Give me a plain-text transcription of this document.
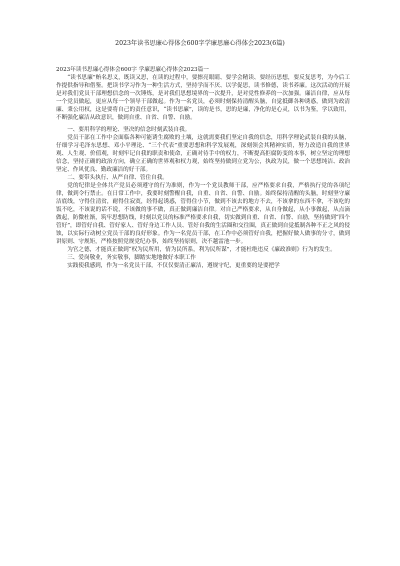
2023年读书思廉心得体会600字学廉思廉心得体会2023(6篇)
2023年读书思廉心得体会600字 学廉思廉心得体会2023篇一

“读书思廉”贿名思义，既读又思，在读的过程中，要擦亮眼睛、要学会精读、要经历思想，要反复思考，为今后工作提供指导和借鉴。把读书学习作为一种生活方式，坚持学而不厌、以学促思，读书修德，读书养廉。这次活动的开展是对我们党员干部理想信念的一次锤炼，是对我们思想境界的一次提升，是对党性修养的一次加强。廉洁自律，应从每一个党员做起，更应从每一个领导干部做起。作为一名党员，必须时刻保持清醒头脑，自觉抵御各种诱惑，做到为政清廉、秉公用权，这是要将自己的责任意识，“读书思廉”，读的是书，思的是廉，净化的是心灵，以书为鉴，学以致用，不断强化廉洁从政意识，做到自重、自省、自警、自励。

一、要用科学的理论、坚决的信念时刻武装自我。

党员干部在工作中会面临各种可能诱生腐败的土壤，这就需要我们坚定自我的信念，用科学理论武装自我的头脑，仔细学习毛泽东思想、邓小平理论、“三个代表”重要思想和科学发展观，深刻领会其精神实质，努力改造自我的世界观、人生观、价值观，时刻牢记自我的职责和使命，正确对待手中的权力，不断提高拒腐防变的本事，树立坚定的理想信念，坚持正确的政治方向，确立正确的世界观和权力观，始终坚持做到立党为公，执政为民，做一个思想纯洁、政治坚定、作风优良、勤政廉洁的好干部。

二、要带头执行、从严自律、管住自我。

党的纪律是全体共产党员必须遵守的行为准则，作为一个党员教师干部，应严格要求自我，严格执行党的各项纪律，做到令行禁止。在日常工作中，我要时刻警醒自我，自重、自省、自警、自励。始终保持清醒的头脑，时刻坚守廉洁底线，守得住清贫，耐得住寂寞，经得起诱惑，管得住小节，做到不该去的地方不去，不该拿的东西不拿，不该吃的饭不吃，不该说的话不说，不该做的事不做，真正做到廉洁自律。对自己严格要求，从自身做起，从小事做起，从点滴做起，防微杜渐，筑牢思想防线，时刻以党员的标准严格要求自我，切实做到自重、自省、自警、自励，坚持做到“四个管好”，即管好自我、管好家人、管好身边工作人员、管好自我的生活圈和交往圈，真正做到自觉抵制各种不正之风的侵蚀，以实际行动树立党员干部的良好形象。作为一名党员干部，在工作中必须管好自我，把握好做人做事的分寸，做到讲原则、守规矩，严格按照党规党纪办事，始终坚持原则，决不越雷池一步。

为官之德，才能真正做到“权为民所用，情为民所系，利为民所谋”，才能杜绝违反《廉政准则》行为的发生。

三、爱岗敬业，务实敬事，脚踏实地地做好本职工作

实践使我感到，作为一名党员干部，不仅仅要清正廉洁，遵规守纪，更重要的是要把学
